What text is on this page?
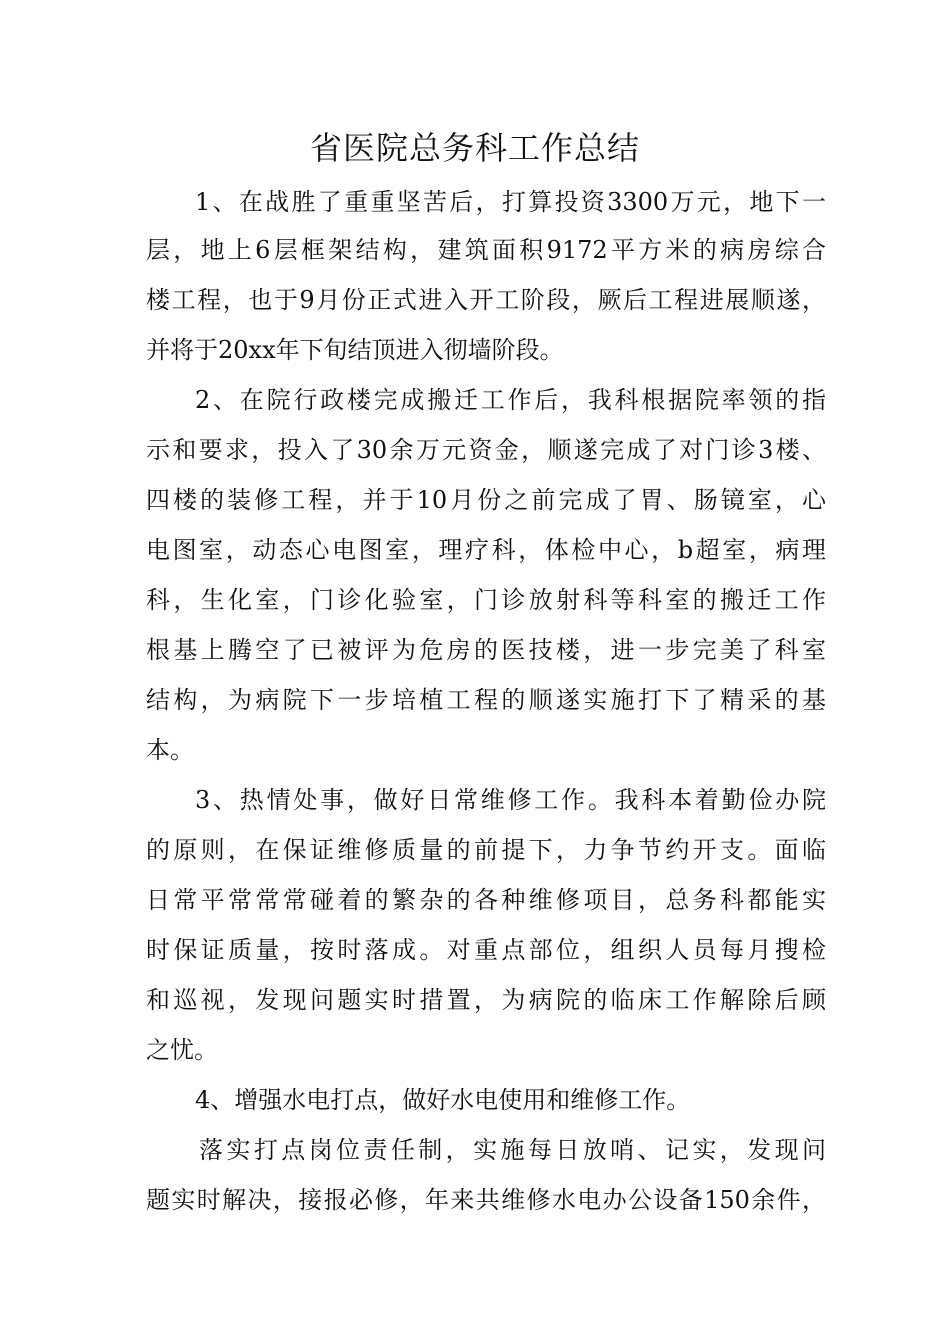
省医院总务科工作总结
1、在战胜了重重坚苦后，打算投资3300万元，地下一
层，地上6层框架结构，建筑面积9172平方米的病房综合
楼工程，也于9月份正式进入开工阶段，厥后工程进展顺遂，
并将于20xx年下旬结顶进入彻墙阶段。
2、在院行政楼完成搬迁工作后，我科根据院率领的指
示和要求，投入了30余万元资金，顺遂完成了对门诊3楼、
四楼的装修工程，并于10月份之前完成了胃、肠镜室，心
电图室，动态心电图室，理疗科，体检中心，b超室，病理
科，生化室，门诊化验室，门诊放射科等科室的搬迁工作
根基上腾空了已被评为危房的医技楼，进一步完美了科室
结构，为病院下一步培植工程的顺遂实施打下了精采的基
本。
3、热情处事，做好日常维修工作。我科本着勤俭办院
的原则，在保证维修质量的前提下，力争节约开支。面临
日常平常常常碰着的繁杂的各种维修项目，总务科都能实
时保证质量，按时落成。对重点部位，组织人员每月搜检
和巡视，发现问题实时措置，为病院的临床工作解除后顾
之忧。
4、增强水电打点，做好水电使用和维修工作。
落实打点岗位责任制，实施每日放哨、记实，发现问
题实时解决，接报必修，年来共维修水电办公设备150余件，
